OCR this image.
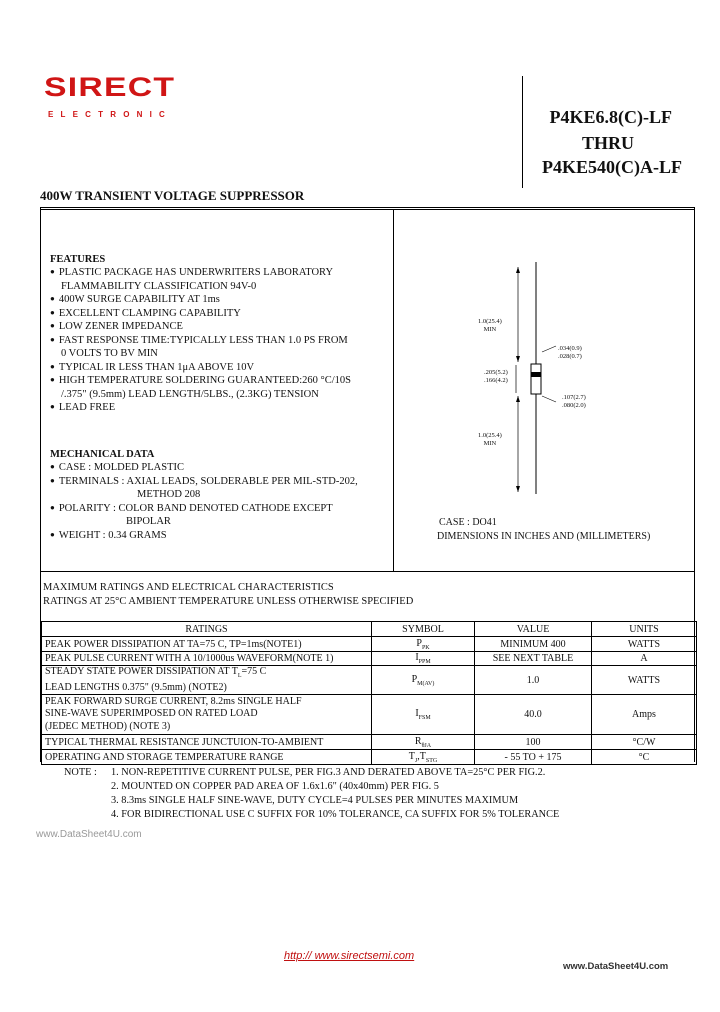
SIRECT
ELECTRONIC	P4KE6.8(C)-LF
THRU
P4KE540(C)A-LF
400W TRANSIENT VOLTAGE SUPPRESSOR
FEATURES
● PLASTIC PACKAGE HAS UNDERWRITERS LABORATORY
FLAMMABILITY CLASSIFICATION 94V-0
● 400W SURGE CAPABILITY AT 1ms
● EXCELLENT CLAMPING CAPABILITY
● LOW ZENER IMPEDANCE
● FAST RESPONSE TIME:TYPICALLY LESS THAN 1.0 PS FROM
0 VOLTS TO BV MIN
● TYPICAL IR LESS THAN 1μA ABOVE 10V
● HIGH TEMPERATURE SOLDERING GUARANTEED:260 °C/10S
/.375" (9.5mm) LEAD LENGTH/5LBS., (2.3KG) TENSION
● LEAD FREE
MECHANICAL DATA
● CASE : MOLDED PLASTIC
● TERMINALS : AXIAL LEADS, SOLDERABLE PER MIL-STD-202,
METHOD 208
● POLARITY : COLOR BAND DENOTED CATHODE EXCEPT
BIPOLAR
● WEIGHT : 0.34 GRAMS
1.0(25.4)
MIN
.034(0.9)
.028(0.7)
.205(5.2)
.166(4.2)
.107(2.7)
.080(2.0)
1.0(25.4)
MIN
CASE : DO41
DIMENSIONS IN INCHES AND (MILLIMETERS)
MAXIMUM RATINGS AND ELECTRICAL CHARACTERISTICS
RATINGS AT 25°C AMBIENT TEMPERATURE UNLESS OTHERWISE SPECIFIED
RATINGS	SYMBOL	VALUE	UNITS
PEAK POWER DISSIPATION AT TA=75 C, TP=1ms(NOTE1)	$P_{PK}$	MINIMUM 400	WATTS
PEAK PULSE CURRENT WITH A 10/1000us WAVEFORM(NOTE 1)	$I_{PPM}$	SEE NEXT TABLE	A
STEADY STATE POWER DISSIPATION AT $T_L=75$ C
LEAD LENGTHS 0.375" (9.5mm) (NOTE2)	$P_{M(AV)}$	1.0	WATTS
PEAK FORWARD SURGE CURRENT, 8.2ms SINGLE HALF
SINE-WAVE SUPERIMPOSED ON RATED LOAD
(JEDEC METHOD) (NOTE 3)	$I_{FSM}$	40.0	Amps
TYPICAL THERMAL RESISTANCE JUNCTUION-TO-AMBIENT	$R_{\theta JA}$	100	°C/W
OPERATING AND STORAGE TEMPERATURE RANGE	$T_J,T_{STG}$	- 55 TO + 175	°C
NOTE : 1. NON-REPETITIVE CURRENT PULSE, PER FIG.3 AND DERATED ABOVE TA=25°C PER FIG.2.
2. MOUNTED ON COPPER PAD AREA OF 1.6x1.6" (40x40mm) PER FIG. 5
3. 8.3ms SINGLE HALF SINE-WAVE, DUTY CYCLE=4 PULSES PER MINUTES MAXIMUM
4. FOR BIDIRECTIONAL USE C SUFFIX FOR 10% TOLERANCE, CA SUFFIX FOR 5% TOLERANCE
www.DataSheet4U.com
http:// www.sirectsemi.com
www.DataSheet4U.com
